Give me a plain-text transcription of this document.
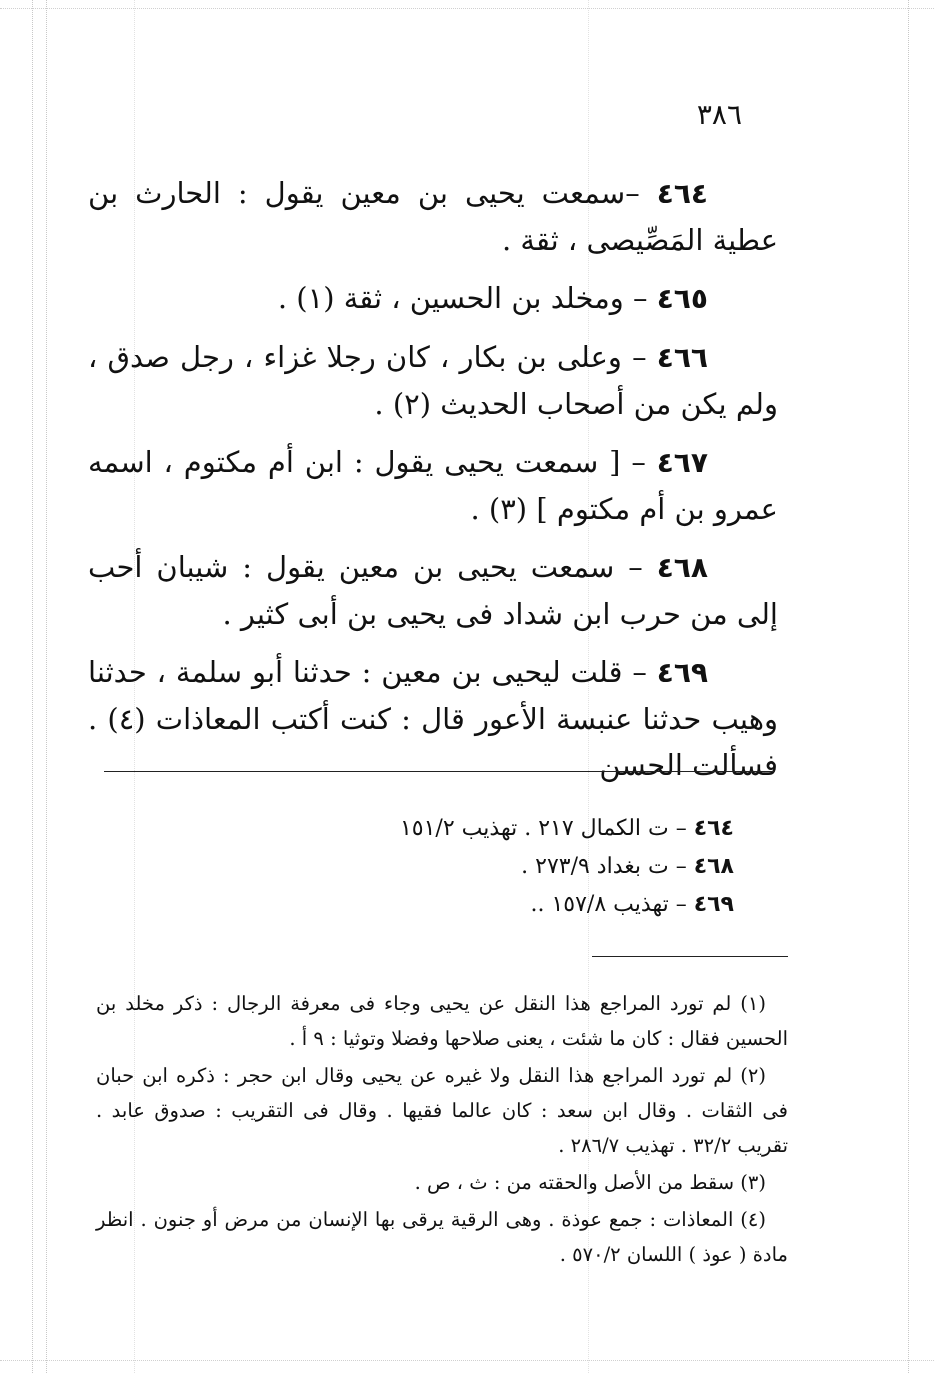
٣٨٦

٤٦٤ –سمعت يحيى بن معين يقول : الحارث بن عطية المَصِّيصى ، ثقة .

٤٦٥ – ومخلد بن الحسين ، ثقة (١) .

٤٦٦ – وعلى بن بكار ، كان رجلا غزاء ، رجل صدق ، ولم يكن من أصحاب الحديث (٢) .

٤٦٧ – [ سمعت يحيى يقول : ابن أم مكتوم ، اسمه عمرو بن أم مكتوم ] (٣) .

٤٦٨ – سمعت يحيى بن معين يقول : شيبان أحب إلى من حرب ابن شداد فى يحيى بن أبى كثير .

٤٦٩ – قلت ليحيى بن معين : حدثنا أبو سلمة ، حدثنا وهيب حدثنا عنبسة الأعور قال : كنت أكتب المعاذات (٤) . فسألت الحسن

٤٦٤ – ت الكمال ٢١٧ . تهذيب ١٥١/٢

٤٦٨ – ت بغداد ٢٧٣/٩ .

٤٦٩ – تهذيب ١٥٧/٨ ..

(١) لم تورد المراجع هذا النقل عن يحيى وجاء فى معرفة الرجال : ذكر مخلد بن الحسين فقال : كان ما شئت ، يعنى صلاحها وفضلا وتوثيا : ٩ أ .

(٢) لم تورد المراجع هذا النقل ولا غيره عن يحيى وقال ابن حجر : ذكره ابن حبان فى الثقات . وقال ابن سعد : كان عالما فقيها . وقال فى التقريب : صدوق عابد . تقريب ٣٢/٢ . تهذيب ٢٨٦/٧ .

(٣) سقط من الأصل والحقته من : ث ، ص .

(٤) المعاذات : جمع عوذة . وهى الرقية يرقى بها الإنسان من مرض أو جنون . انظر مادة ( عوذ ) اللسان ٥٧٠/٢ .
